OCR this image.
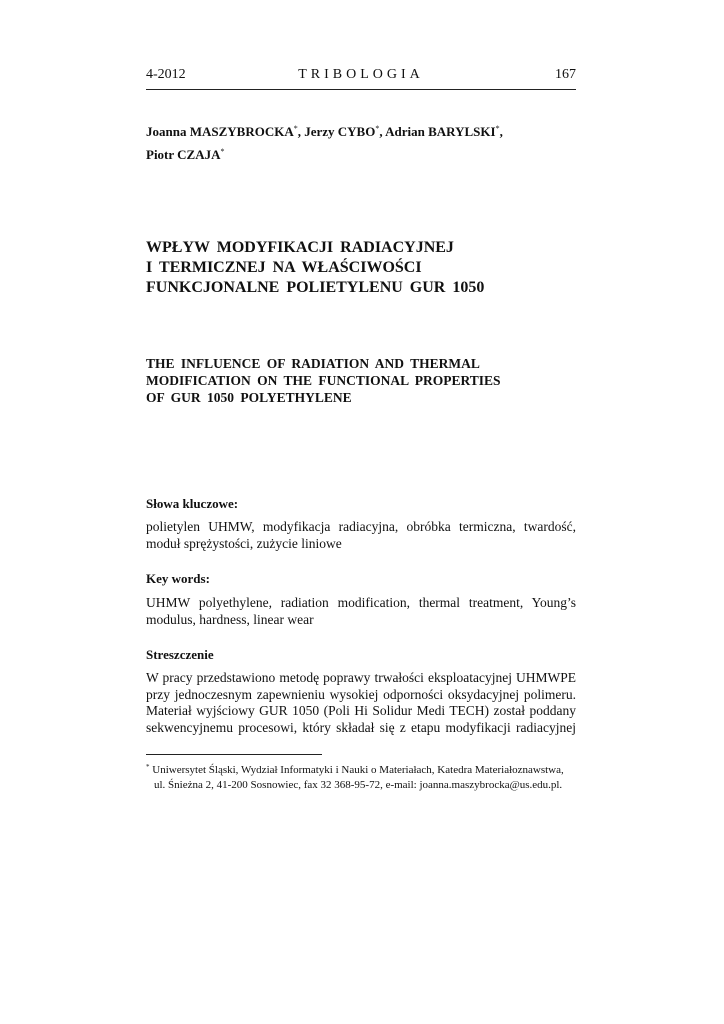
4-2012	TRIBOLOGIA	167
Joanna MASZYBROCKA*, Jerzy CYBO*, Adrian BARYLSKI*,
Piotr CZAJA*
WPŁYW MODYFIKACJI RADIACYJNEJ
I TERMICZNEJ NA WŁAŚCIWOŚCI
FUNKCJONALNE POLIETYLENU GUR 1050
THE INFLUENCE OF RADIATION AND THERMAL
MODIFICATION ON THE FUNCTIONAL PROPERTIES
OF GUR 1050 POLYETHYLENE
Słowa kluczowe:
polietylen UHMW, modyfikacja radiacyjna, obróbka termiczna, twardość,
moduł sprężystości, zużycie liniowe
Key words:
UHMW polyethylene, radiation modification, thermal treatment, Young’s
modulus, hardness, linear wear
Streszczenie
W pracy przedstawiono metodę poprawy trwałości eksploatacyjnej UHMWPE
przy jednoczesnym zapewnieniu wysokiej odporności oksydacyjnej polimeru.
Materiał wyjściowy GUR 1050 (Poli Hi Solidur Medi TECH) został poddany
sekwencyjnemu procesowi, który składał się z etapu modyfikacji radiacyjnej
* Uniwersytet Śląski, Wydział Informatyki i Nauki o Materiałach, Katedra Materiałoznawstwa,
ul. Śnieżna 2, 41-200 Sosnowiec, fax 32 368-95-72, e-mail: joanna.maszybrocka@us.edu.pl.
